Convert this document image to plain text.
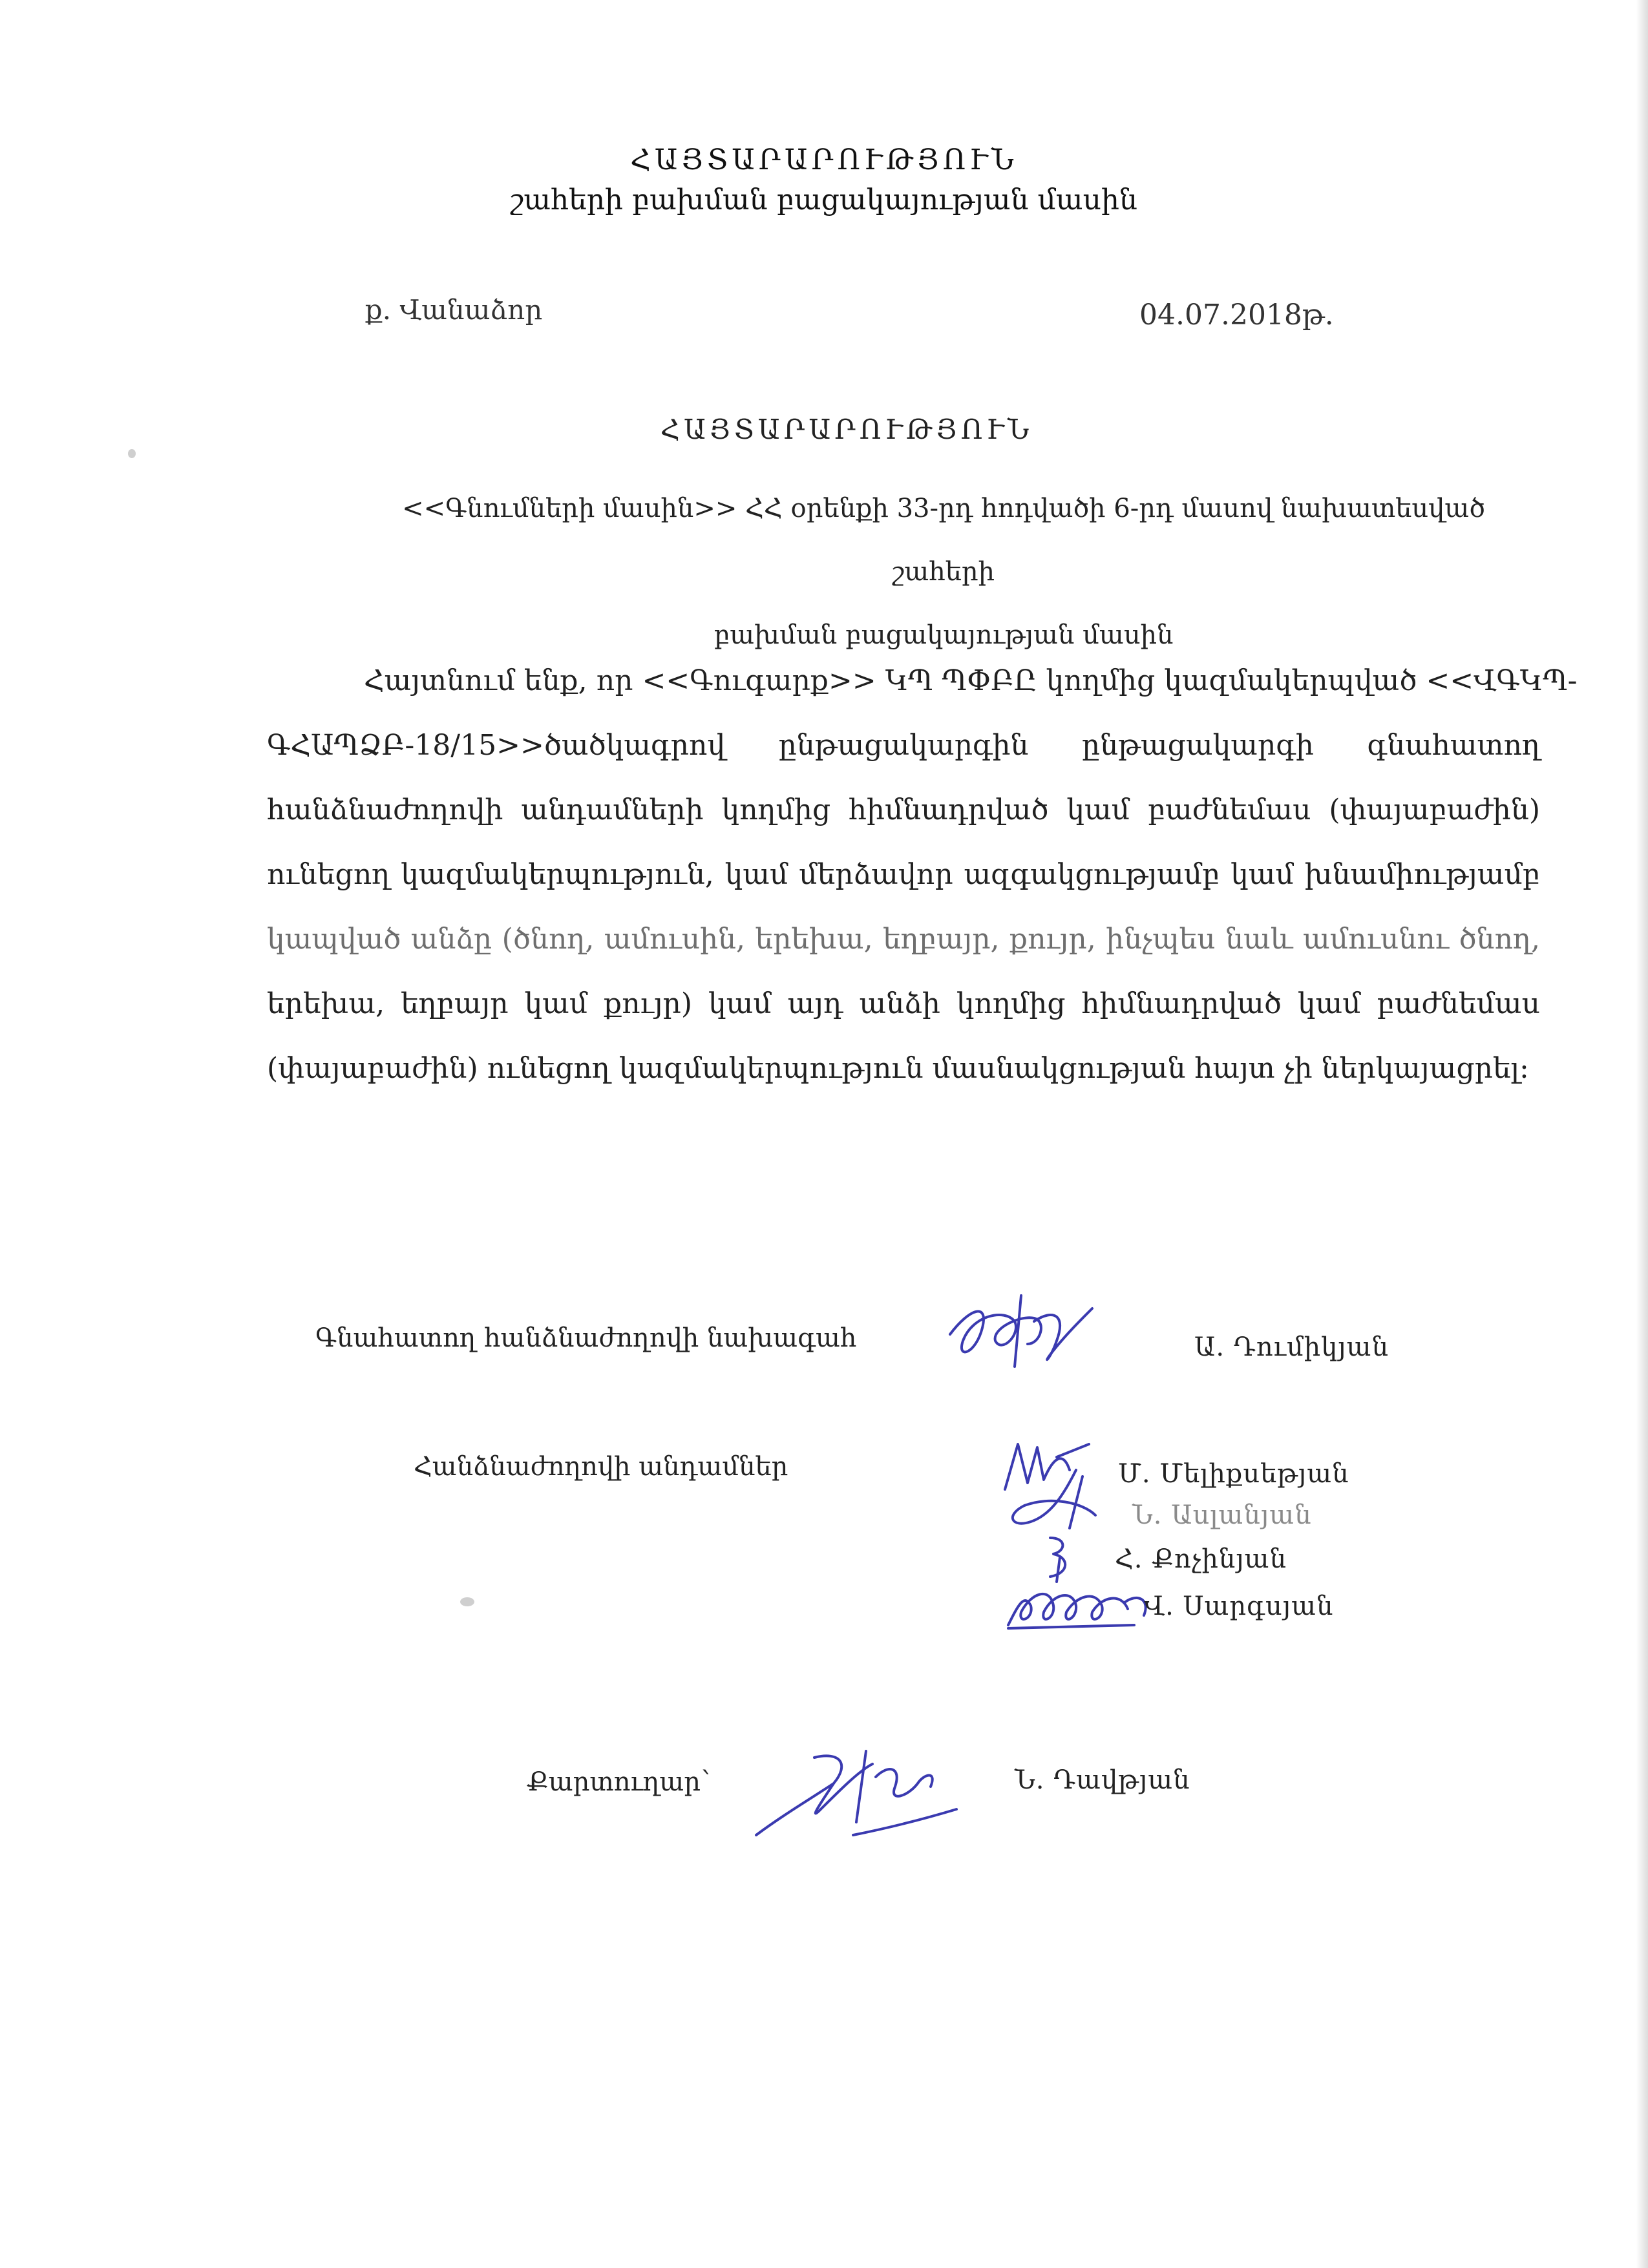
ՀԱՅՏԱՐԱՐՈՒԹՅՈՒՆ
շահերի բախման բացակայության մասին
ք. Վանաձոր	04.07.2018թ.
ՀԱՅՏԱՐԱՐՈՒԹՅՈՒՆ
<<Գնումների մասին>> ՀՀ օրենքի 33-րդ հոդվածի 6-րդ մասով նախատեսված շահերի
բախման բացակայության մասին
Հայտնում ենք, որ <<Գուգարք>> ԿՊ ՊՓԲԸ կողմից կազմակերպված <<ՎԳԿՊ-
ԳՀԱՊՁԲ-18/15>>ծածկագրով ընթացակարգին ընթացակարգի գնահատող
հանձնաժողովի անդամների կողմից հիմնադրված կամ բաժնեմաս (փայաբաժին)
ունեցող կազմակերպություն, կամ մերձավոր ազգակցությամբ կամ խնամիությամբ
կապված անձը (ծնող, ամուսին, երեխա, եղբայր, քույր, ինչպես նաև ամուսնու ծնող,
երեխա, եղբայր կամ քույր) կամ այդ անձի կողմից հիմնադրված կամ բաժնեմաս
(փայաբաժին) ունեցող կազմակերպություն մասնակցության հայտ չի ներկայացրել:
Գնահատող հանձնաժողովի նախագահ	Ա. Դումիկյան
Հանձնաժողովի անդամներ	Մ. Մելիքսեթյան
Ն. Ասլանյան
Հ. Քոչինյան
Վ. Սարգսյան
Քարտուղար`	Ն. Դավթյան
